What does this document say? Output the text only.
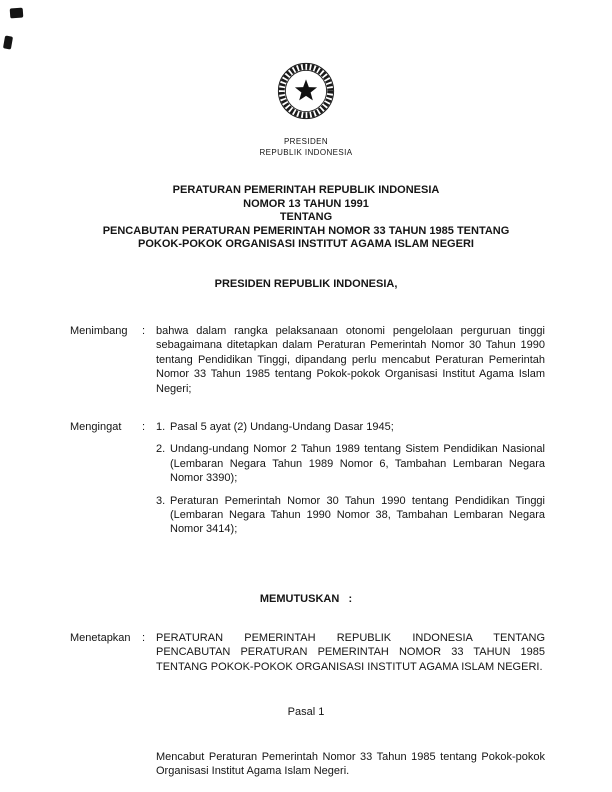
PRESIDEN
REPUBLIK INDONESIA
PERATURAN PEMERINTAH REPUBLIK INDONESIA
NOMOR 13 TAHUN 1991
TENTANG
PENCABUTAN PERATURAN PEMERINTAH NOMOR 33 TAHUN 1985 TENTANG
POKOK-POKOK ORGANISASI INSTITUT AGAMA ISLAM NEGERI
PRESIDEN REPUBLIK INDONESIA,
Menimbang	: bahwa dalam rangka pelaksanaan otonomi pengelolaan perguruan tinggi sebagaimana ditetapkan dalam Peraturan Pemerintah Nomor 30 Tahun 1990 tentang Pendidikan Tinggi, dipandang perlu mencabut Peraturan Pemerintah Nomor 33 Tahun 1985 tentang Pokok-pokok Organisasi Institut Agama Islam Negeri;
Mengingat	: 1. Pasal 5 ayat (2) Undang-Undang Dasar 1945;
2. Undang-undang Nomor 2 Tahun 1989 tentang Sistem Pendidikan Nasional (Lembaran Negara Tahun 1989 Nomor 6, Tambahan Lembaran Negara Nomor 3390);
3. Peraturan Pemerintah Nomor 30 Tahun 1990 tentang Pendidikan Tinggi (Lembaran Negara Tahun 1990 Nomor 38, Tambahan Lembaran Negara Nomor 3414);
MEMUTUSKAN   :
Menetapkan	: PERATURAN PEMERINTAH REPUBLIK INDONESIA TENTANG PENCABUTAN PERATURAN PEMERINTAH NOMOR 33 TAHUN 1985 TENTANG POKOK-POKOK ORGANISASI INSTITUT AGAMA ISLAM NEGERI.
Pasal 1
Mencabut Peraturan Pemerintah Nomor 33 Tahun 1985 tentang Pokok-pokok Organisasi Institut Agama Islam Negeri.
